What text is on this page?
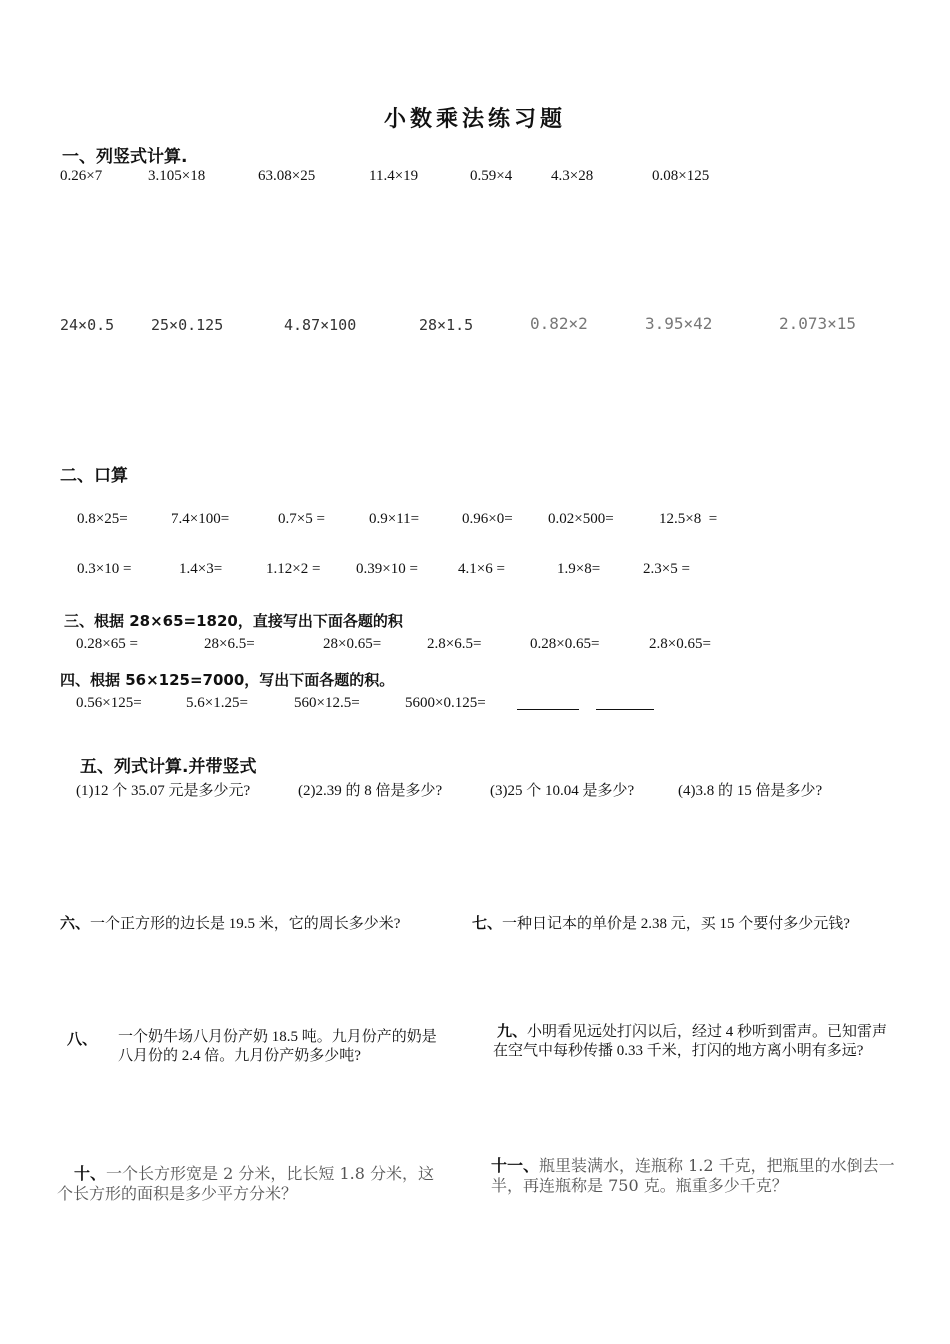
小数乘法练习题
一、列竖式计算.
0.26×7	3.105×18	63.08×25	11.4×19	0.59×4	4.3×28	0.08×125
24×0.5 25×0.125	4.87×100	28×1.5	0.82×2	3.95×42	2.073×15
二、口算
0.8×25=	7.4×100=	0.7×5 =	0.9×11=	0.96×0= 0.02×500=	12.5×8  =
0.3×10 =	1.4×3=	1.12×2 = 0.39×10 =	4.1×6 =	1.9×8=	2.3×5 =
三、根据 28×65=1820，直接写出下面各题的积
0.28×65 =	28×6.5=	28×0.65=	2.8×6.5=	0.28×0.65=	2.8×0.65=
四、根据 56×125=7000，写出下面各题的积。
0.56×125=	5.6×1.25=	560×12.5=	5600×0.125=
五、列式计算.并带竖式
(1)12 个 35.07 元是多少元?	(2)2.39 的 8 倍是多少?	(3)25 个 10.04 是多少?	(4)3.8 的 15 倍是多少?
六、一个正方形的边长是 19.5 米，它的周长多少米?	七、一种日记本的单价是 2.38 元，买 15 个要付多少元钱?
八、 一个奶牛场八月份产奶 18.5 吨。九月份产的奶是八月份的 2.4 倍。九月份产奶多少吨?
九、小明看见远处打闪以后，经过 4 秒听到雷声。已知雷声在空气中每秒传播 0.33 千米，打闪的地方离小明有多远?
十、一个长方形宽是 2 分米，比长短 1.8 分米，这个长方形的面积是多少平方分米？
十一、瓶里装满水，连瓶称 1.2 千克，把瓶里的水倒去一半，再连瓶称是 750 克。瓶重多少千克？
